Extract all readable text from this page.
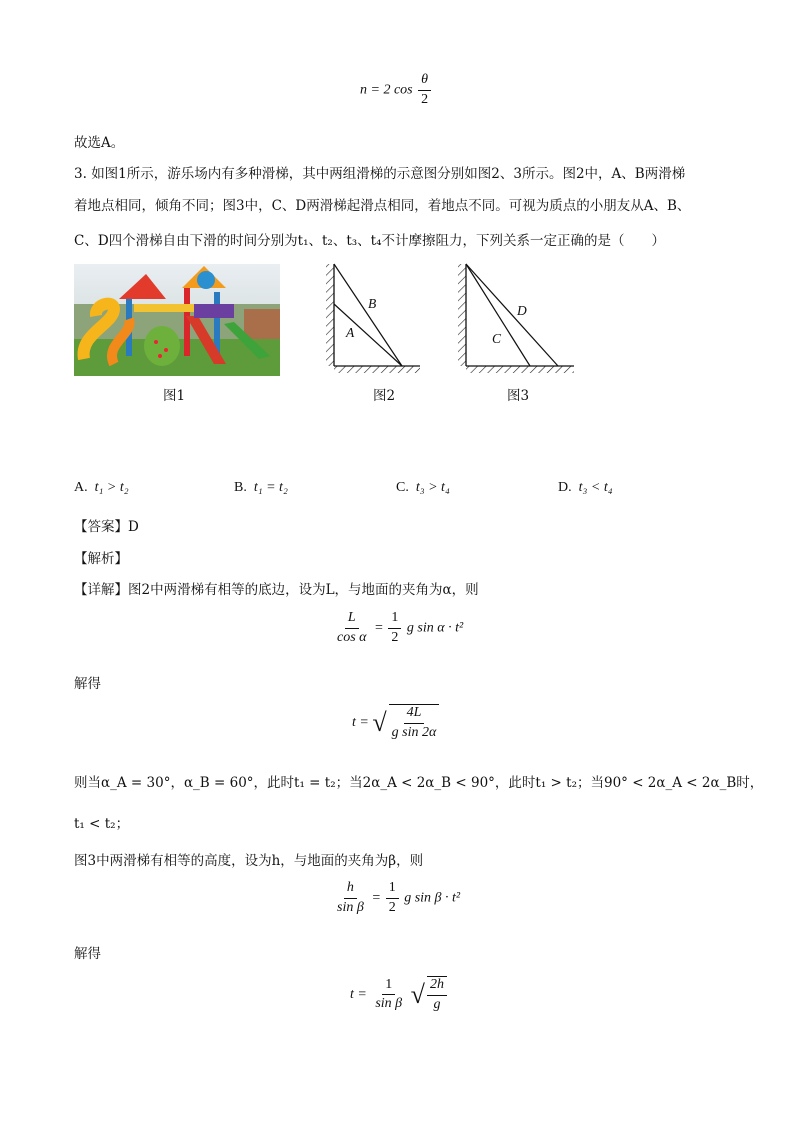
n = 2 $\cos \frac{\theta}{2}$
故选A。
3. 如图1所示，游乐场内有多种滑梯，其中两组滑梯的示意图分别如图2、3所示。图2中，A、B两滑梯
着地点相同，倾角不同；图3中，C、D两滑梯起滑点相同，着地点不同。可视为质点的小朋友从A、B、
C、D四个滑梯自由下滑的时间分别为t₁、t₂、t₃、t₄不计摩擦阻力，下列关系一定正确的是（　　）
图1
B
A
图2
D
C
图3
A. t₁ > t₂	B. t₁ = t₂	C. t₃ > t₄	D. t₃ < t₄
【答案】D
【解析】
【详解】图2中两滑梯有相等的底边，设为L，与地面的夹角为α，则
$\frac{L}{\text{cos α}} = \frac{1}{2}$ g sin α · t²
解得
t = √ $\frac{4L}{\text{g sin 2α}}$
则当α_A = 30°，α_B = 60°，此时t₁ = t₂；当2α_A < 2α_B < 90°，此时t₁ > t₂；当90° < 2α_A < 2α_B时，
t₁ < t₂；
图3中两滑梯有相等的高度，设为h，与地面的夹角为β，则
$\frac{h}{\text{sin β}} = \frac{1}{2}$ g sin β · t²
解得
$t = \frac{1}{\text{sin β}}$
√ $\frac{2h}{g}$
